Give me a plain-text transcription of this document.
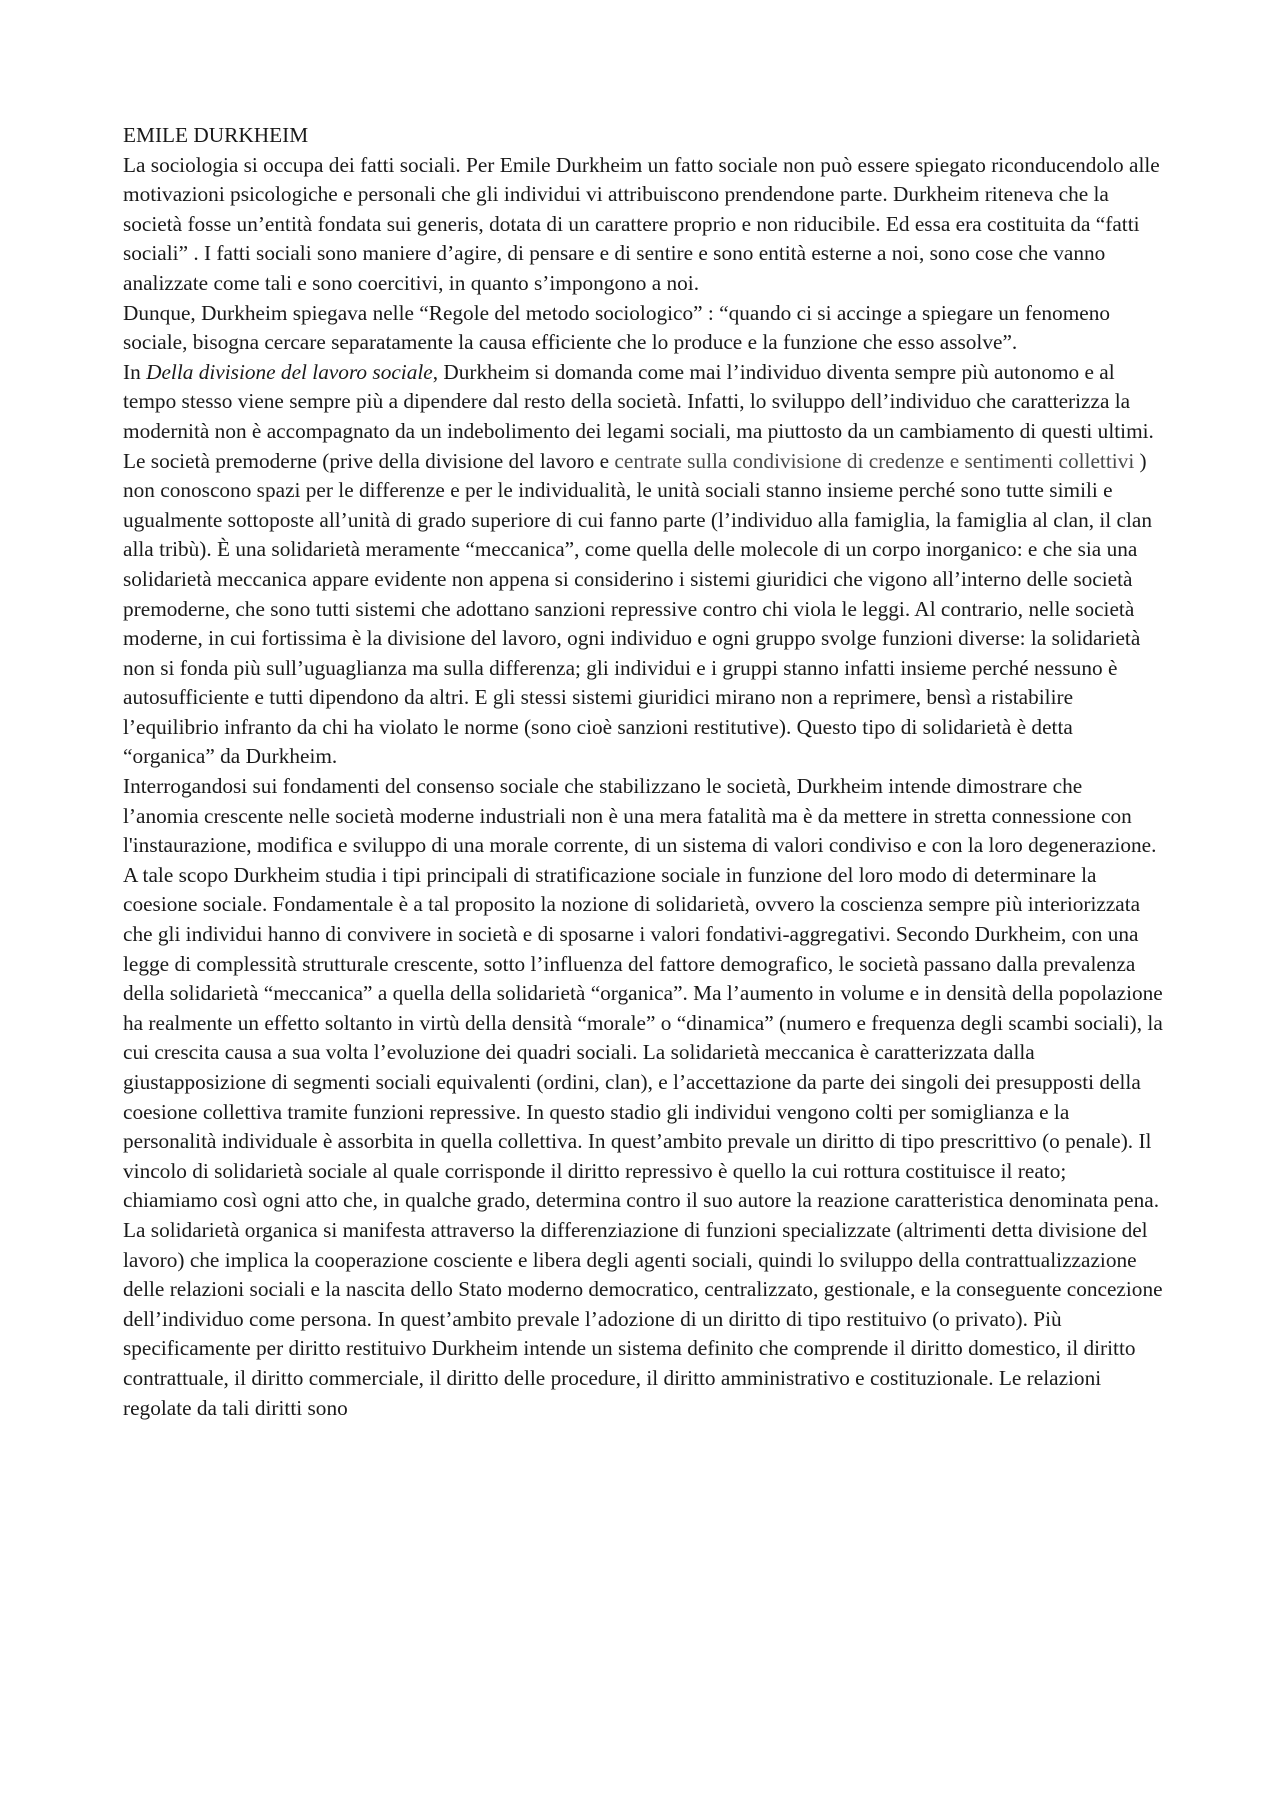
EMILE DURKHEIM

La sociologia si occupa dei fatti sociali. Per Emile Durkheim un fatto sociale non può essere spiegato riconducendolo alle motivazioni psicologiche e personali che gli individui vi attribuiscono prendendone parte. Durkheim riteneva che la società fosse un’entità fondata sui generis, dotata di un carattere proprio e non riducibile. Ed essa era costituita da “fatti sociali” . I fatti sociali sono maniere d’agire, di pensare e di sentire e sono entità esterne a noi, sono cose che vanno analizzate come tali e sono coercitivi, in quanto s’impongono a noi.

Dunque, Durkheim spiegava nelle “Regole del metodo sociologico” : “quando ci si accinge a spiegare un fenomeno sociale, bisogna cercare separatamente la causa efficiente che lo produce e la funzione che esso assolve”.

In Della divisione del lavoro sociale, Durkheim si domanda come mai l’individuo diventa sempre più autonomo e al tempo stesso viene sempre più a dipendere dal resto della società. Infatti, lo sviluppo dell’individuo che caratterizza la modernità non è accompagnato da un indebolimento dei legami sociali, ma piuttosto da un cambiamento di questi ultimi. Le società premoderne (prive della divisione del lavoro e centrate sulla condivisione di credenze e sentimenti collettivi ) non conoscono spazi per le differenze e per le individualità, le unità sociali stanno insieme perché sono tutte simili e ugualmente sottoposte all’unità di grado superiore di cui fanno parte (l’individuo alla famiglia, la famiglia al clan, il clan alla tribù). È una solidarietà meramente “meccanica”, come quella delle molecole di un corpo inorganico: e che sia una solidarietà meccanica appare evidente non appena si considerino i sistemi giuridici che vigono all’interno delle società premoderne, che sono tutti sistemi che adottano sanzioni repressive contro chi viola le leggi. Al contrario, nelle società moderne, in cui fortissima è la divisione del lavoro, ogni individuo e ogni gruppo svolge funzioni diverse: la solidarietà non si fonda più sull’uguaglianza ma sulla differenza; gli individui e i gruppi stanno infatti insieme perché nessuno è autosufficiente e tutti dipendono da altri. E gli stessi sistemi giuridici mirano non a reprimere, bensì a ristabilire l’equilibrio infranto da chi ha violato le norme (sono cioè sanzioni restitutive). Questo tipo di solidarietà è detta “organica” da Durkheim.

Interrogandosi sui fondamenti del consenso sociale che stabilizzano le società, Durkheim intende dimostrare che l’anomia crescente nelle società moderne industriali non è una mera fatalità ma è da mettere in stretta connessione con l'instaurazione, modifica e sviluppo di una morale corrente, di un sistema di valori condiviso e con la loro degenerazione. A tale scopo Durkheim studia i tipi principali di stratificazione sociale in funzione del loro modo di determinare la coesione sociale. Fondamentale è a tal proposito la nozione di solidarietà, ovvero la coscienza sempre più interiorizzata che gli individui hanno di convivere in società e di sposarne i valori fondativi-aggregativi. Secondo Durkheim, con una legge di complessità strutturale crescente, sotto l’influenza del fattore demografico, le società passano dalla prevalenza della solidarietà “meccanica” a quella della solidarietà “organica”. Ma l’aumento in volume e in densità della popolazione ha realmente un effetto soltanto in virtù della densità “morale” o “dinamica” (numero e frequenza degli scambi sociali), la cui crescita causa a sua volta l’evoluzione dei quadri sociali. La solidarietà meccanica è caratterizzata dalla giustapposizione di segmenti sociali equivalenti (ordini, clan), e l’accettazione da parte dei singoli dei presupposti della coesione collettiva tramite funzioni repressive. In questo stadio gli individui vengono colti per somiglianza e la personalità individuale è assorbita in quella collettiva. In quest’ambito prevale un diritto di tipo prescrittivo (o penale). Il vincolo di solidarietà sociale al quale corrisponde il diritto repressivo è quello la cui rottura costituisce il reato; chiamiamo così ogni atto che, in qualche grado, determina contro il suo autore la reazione caratteristica denominata pena. La solidarietà organica si manifesta attraverso la differenziazione di funzioni specializzate (altrimenti detta divisione del lavoro) che implica la cooperazione cosciente e libera degli agenti sociali, quindi lo sviluppo della contrattualizzazione delle relazioni sociali e la nascita dello Stato moderno democratico, centralizzato, gestionale, e la conseguente concezione dell’individuo come persona. In quest’ambito prevale l’adozione di un diritto di tipo restituivo (o privato). Più specificamente per diritto restituivo Durkheim intende un sistema definito che comprende il diritto domestico, il diritto contrattuale, il diritto commerciale, il diritto delle procedure, il diritto amministrativo e costituzionale. Le relazioni regolate da tali diritti sono
